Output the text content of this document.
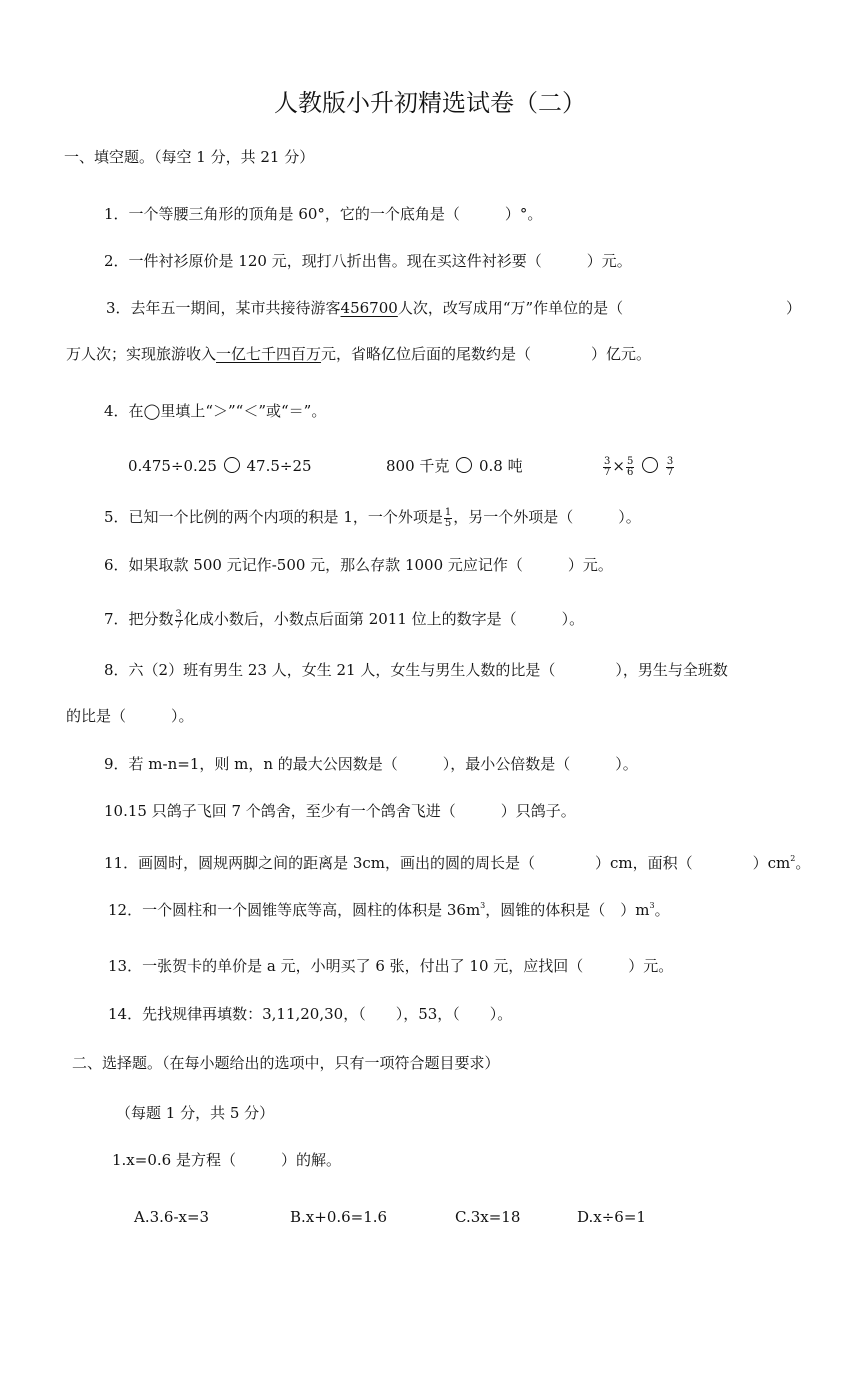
人教版小升初精选试卷（二）
一、填空题。（每空 1 分，共 21 分）
1．一个等腰三角形的顶角是 60°，它的一个底角是（　　　）°。
2．一件衬衫原价是 120 元，现打八折出售。现在买这件衬衫要（　　　）元。
3．去年五一期间，某市共接待游客456700人次，改写成用“万”作单位的是（	）
万人次；实现旅游收入一亿七千四百万元，省略亿位后面的尾数约是（　　　　）亿元。
4．在◯里填上“＞”“＜”或“＝”。
0.475÷0.25 47.5÷25	800 千克 0.8 吨	$\frac{3}{7} \times \frac{5}{6}$
	$\frac{3}{7}$
5．已知一个比例的两个内项的积是 1，一个外项是 $\frac{1}{5}$ ，另一个外项是（　　　）。
6．如果取款 500 元记作-500 元，那么存款 1000 元应记作（　　　）元。
7．把分数 $\frac{3}{7}$ 化成小数后，小数点后面第 2011 位上的数字是（　　　）。
8．六（2）班有男生 23 人，女生 21 人，女生与男生人数的比是（　　　　），男生与全班数
的比是（　　　）。
9．若 m-n=1，则 m，n 的最大公因数是（　　　），最小公倍数是（　　　）。
10.15 只鸽子飞回 7 个鸽舍，至少有一个鸽舍飞进（　　　）只鸽子。
11．画圆时，圆规两脚之间的距离是 3cm，画出的圆的周长是（　　　　）cm，面积（　　　　）$cm^2$。
12．一个圆柱和一个圆锥等底等高，圆柱的体积是 $36m^3$，圆锥的体积是（　）$m^3$。
13．一张贺卡的单价是 a 元，小明买了 6 张，付出了 10 元，应找回（　　　）元。
14．先找规律再填数：3,11,20,30，（　　），53，（　　）。
二、选择题。（在每小题给出的选项中，只有一项符合题目要求）
（每题 1 分，共 5 分）
1.x=0.6 是方程（　　　）的解。
A.3.6-x=3	B.x+0.6=1.6	C.3x=18	D.x÷6=1
